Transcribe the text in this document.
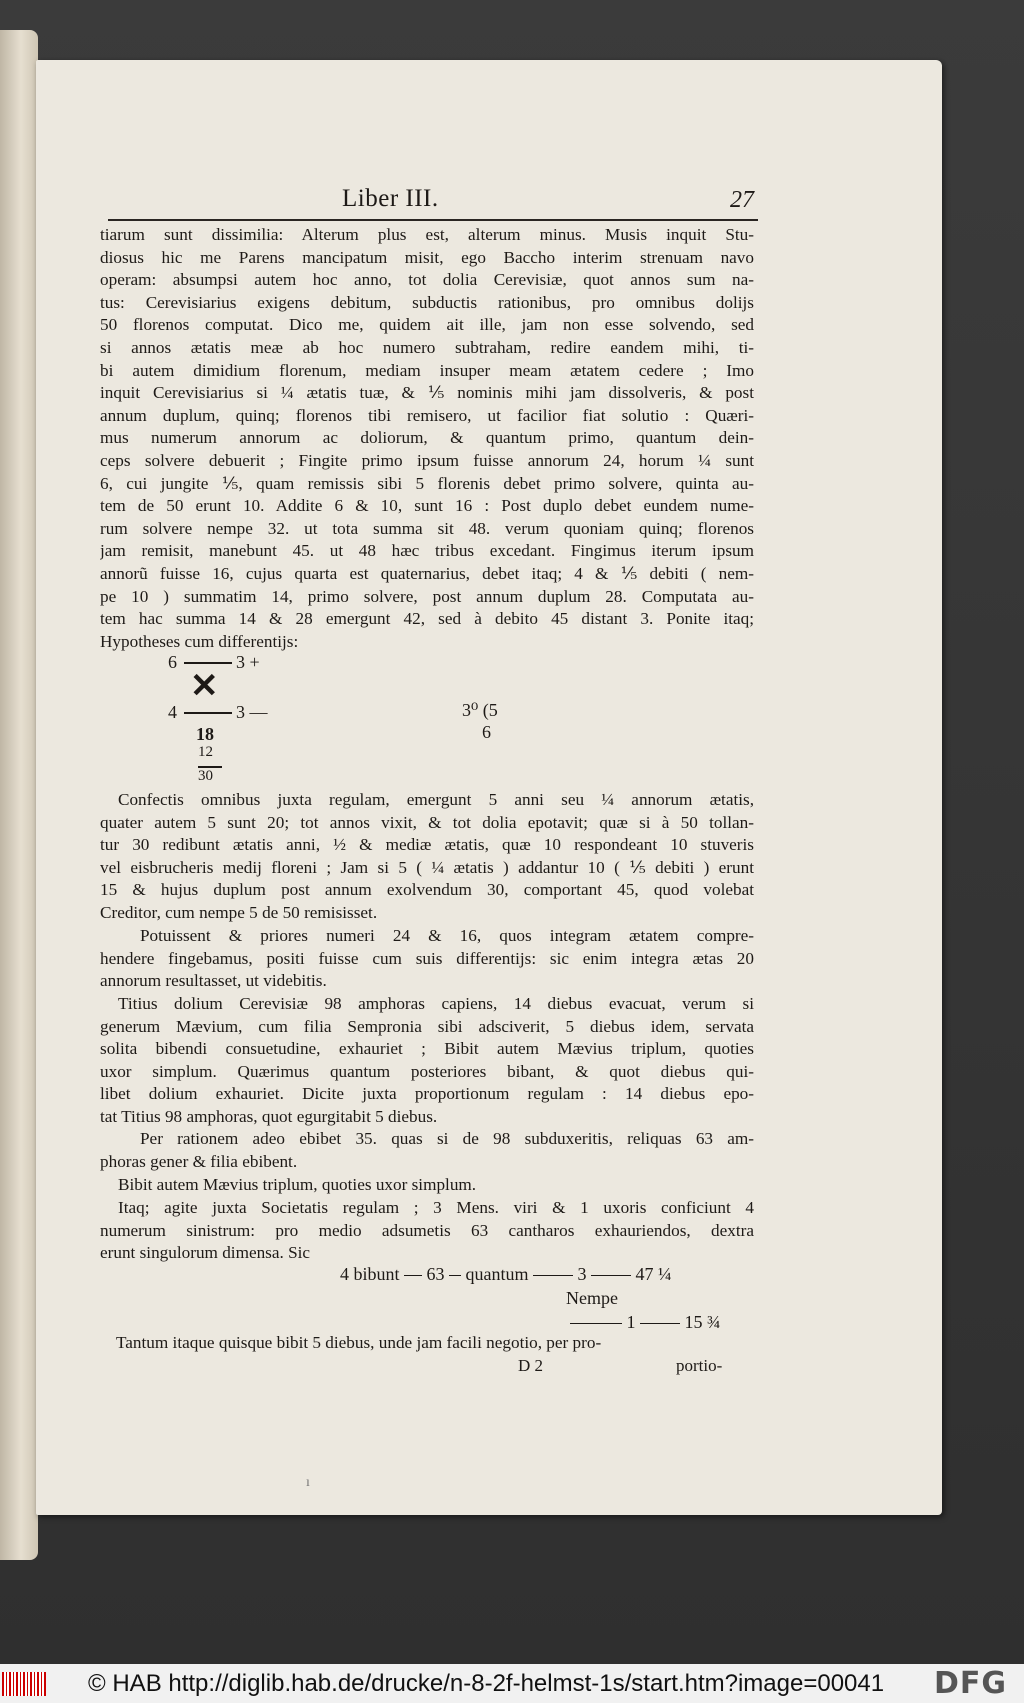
Liber III.	27

tiarum sunt dissimilia: Alterum plus est, alterum minus. Musis inquit Stu-

diosus hic me Parens mancipatum misit, ego Baccho interim strenuam navo

operam: absumpsi autem hoc anno, tot dolia Cerevisiæ, quot annos sum na-

tus: Cerevisiarius exigens debitum, subductis rationibus, pro omnibus dolijs

50 florenos computat. Dico me, quidem ait ille, jam non esse solvendo, sed

si annos ætatis meæ ab hoc numero subtraham, redire eandem mihi, ti-

bi autem dimidium florenum, mediam insuper meam ætatem cedere ; Imo

inquit Cerevisiarius si ¼ ætatis tuæ, & ⅕ nominis mihi jam dissolveris, & post

annum duplum, quinq; florenos tibi remisero, ut facilior fiat solutio : Quæri-

mus numerum annorum ac doliorum, & quantum primo, quantum dein-

ceps solvere debuerit ; Fingite primo ipsum fuisse annorum 24, horum ¼ sunt

6, cui jungite ⅕, quam remissis sibi 5 florenis debet primo solvere, quinta au-

tem de 50 erunt 10. Addite 6 & 10, sunt 16 : Post duplo debet eundem nume-

rum solvere nempe 32. ut tota summa sit 48. verum quoniam quinq; florenos

jam remisit, manebunt 45. ut 48 hæc tribus excedant. Fingimus iterum ipsum

annorũ fuisse 16, cujus quarta est quaternarius, debet itaq; 4 & ⅕ debiti ( nem-

pe 10 ) summatim 14, primo solvere, post annum duplum 28. Computata au-

tem hac summa 14 & 28 emergunt 42, sed à debito 45 distant 3. Ponite itaq;

Hypotheses cum differentijs:

6	3 +
✕
4	3 —
18
12
30
3⁰ (5
6

Confectis omnibus juxta regulam, emergunt 5 anni seu ¼ annorum ætatis,

quater autem 5 sunt 20; tot annos vixit, & tot dolia epotavit; quæ si à 50 tollan-

tur 30 redibunt ætatis anni, ½ & mediæ ætatis, quæ 10 respondeant 10 stuveris

vel eisbrucheris medij floreni ; Jam si 5 ( ¼ ætatis ) addantur 10 ( ⅕ debiti ) erunt

15 & hujus duplum post annum exolvendum 30, comportant 45, quod volebat

Creditor, cum nempe 5 de 50 remisisset.

Potuissent & priores numeri 24 & 16, quos integram ætatem compre-

hendere fingebamus, positi fuisse cum suis differentijs: sic enim integra ætas 20

annorum resultasset, ut videbitis.

Titius dolium Cerevisiæ 98 amphoras capiens, 14 diebus evacuat, verum si

generum Mævium, cum filia Sempronia sibi adsciverit, 5 diebus idem, servata

solita bibendi consuetudine, exhauriet ; Bibit autem Mævius triplum, quoties

uxor simplum. Quærimus quantum posteriores bibant, & quot diebus qui-

libet dolium exhauriet. Dicite juxta proportionum regulam : 14 diebus epo-

tat Titius 98 amphoras, quot egurgitabit 5 diebus.

Per rationem adeo ebibet 35. quas si de 98 subduxeritis, reliquas 63 am-

phoras gener & filia ebibent.

Bibit autem Mævius triplum, quoties uxor simplum.

Itaq; agite juxta Societatis regulam ; 3 Mens. viri & 1 uxoris conficiunt 4

numerum sinistrum: pro medio adsumetis 63 cantharos exhauriendos, dextra

erunt singulorum dimensa. Sic

4 bibunt 63 quantum	3	47 ¼
Nempe
1	15 ¾

Tantum itaque quisque bibit 5 diebus, unde jam facili negotio, per pro-

D 2	portio-
ı
© HAB http://diglib.hab.de/drucke/n-8-2f-helmst-1s/start.htm?image=00041 DFG
